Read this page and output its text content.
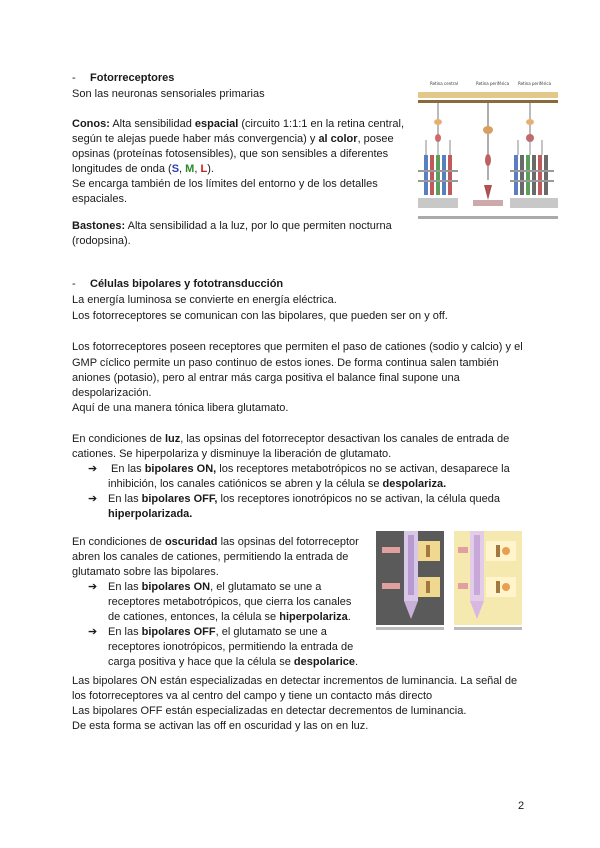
- Fotorreceptores
Son las neuronas sensoriales primarias
Conos: Alta sensibilidad espacial (circuito 1:1:1 en la retina central,
según te alejas puede haber más convergencia) y al color, posee
opsinas (proteínas fotosensibles), que son sensibles a diferentes
longitudes de onda (S, M, L).
Se encarga también de los límites del entorno y de los detalles
espaciales.
Bastones: Alta sensibilidad a la luz, por lo que permiten nocturna
(rodopsina).
Retina central	Retina periférica Retina periférica
- Células bipolares y fototransducción
La energía luminosa se convierte en energía eléctrica.
Los fotorreceptores se comunican con las bipolares, que pueden ser on y off.
Los fotorreceptores poseen receptores que permiten el paso de cationes (sodio y calcio) y el
GMP cíclico permite un paso continuo de estos iones. De forma continua salen también
aniones (potasio), pero al entrar más carga positiva el balance final supone una
despolarización.
Aquí de una manera tónica libera glutamato.
En condiciones de luz, las opsinas del fotorreceptor desactivan los canales de entrada de
cationes. Se hiperpolariza y disminuye la liberación de glutamato.
➔ En las bipolares ON, los receptores metabotrópicos no se activan, desaparece la
inhibición, los canales catiónicos se abren y la célula se despolariza.
➔ En las bipolares OFF, los receptores ionotrópicos no se activan, la célula queda
hiperpolarizada.
En condiciones de oscuridad las opsinas del fotorreceptor
abren los canales de cationes, permitiendo la entrada de
glutamato sobre las bipolares.
➔ En las bipolares ON, el glutamato se une a
receptores metabotrópicos, que cierra los canales
de cationes, entonces, la célula se hiperpolariza.
➔ En las bipolares OFF, el glutamato se une a
receptores ionotrópicos, permitiendo la entrada de
carga positiva y hace que la célula se despolarice.
Las bipolares ON están especializadas en detectar incrementos de luminancia. La señal de
los fotorreceptores va al centro del campo y tiene un contacto más directo
Las bipolares OFF están especializadas en detectar decrementos de luminancia.
De esta forma se activan las off en oscuridad y las on en luz.
2
